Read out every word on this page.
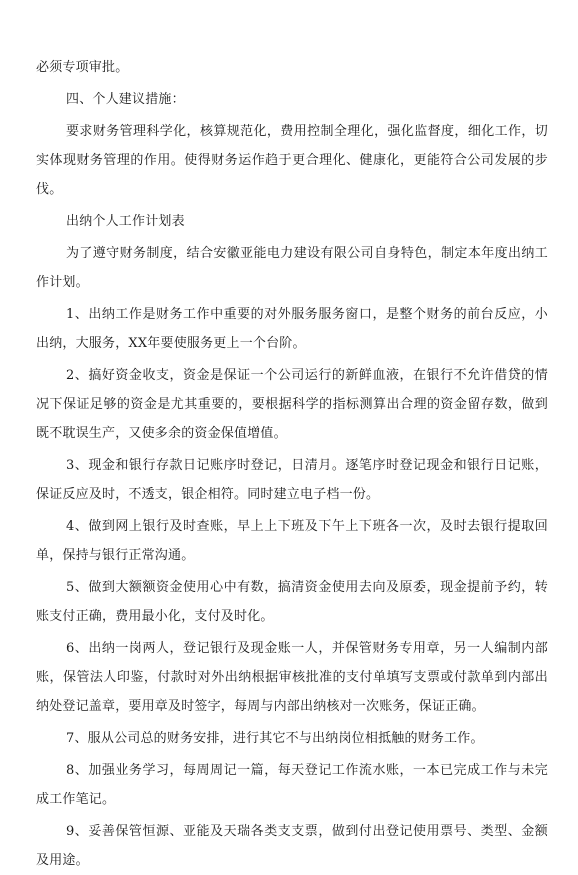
必须专项审批。

四、个人建议措施：

要求财务管理科学化，核算规范化，费用控制全理化，强化监督度，细化工作，切实体现财务管理的作用。使得财务运作趋于更合理化、健康化，更能符合公司发展的步伐。

出纳个人工作计划表

为了遵守财务制度，结合安徽亚能电力建设有限公司自身特色，制定本年度出纳工作计划。

1、出纳工作是财务工作中重要的对外服务服务窗口，是整个财务的前台反应，小出纳，大服务，XX年要使服务更上一个台阶。

2、搞好资金收支，资金是保证一个公司运行的新鲜血液，在银行不允许借贷的情况下保证足够的资金是尤其重要的，要根据科学的指标测算出合理的资金留存数，做到既不耽误生产，又使多余的资金保值增值。

3、现金和银行存款日记账序时登记，日清月。逐笔序时登记现金和银行日记账，保证反应及时，不透支，银企相符。同时建立电子档一份。

4、做到网上银行及时查账，早上上下班及下午上下班各一次，及时去银行提取回单，保持与银行正常沟通。

5、做到大额额资金使用心中有数，搞清资金使用去向及原委，现金提前予约，转账支付正确，费用最小化，支付及时化。

6、出纳一岗两人，登记银行及现金账一人，并保管财务专用章，另一人编制内部账，保管法人印鉴，付款时对外出纳根据审核批准的支付单填写支票或付款单到内部出纳处登记盖章，要用章及时签字，每周与内部出纳核对一次账务，保证正确。

7、服从公司总的财务安排，进行其它不与出纳岗位相抵触的财务工作。

8、加强业务学习，每周周记一篇，每天登记工作流水账，一本已完成工作与未完成工作笔记。

9、妥善保管恒源、亚能及天瑞各类支支票，做到付出登记使用票号、类型、金额及用途。
